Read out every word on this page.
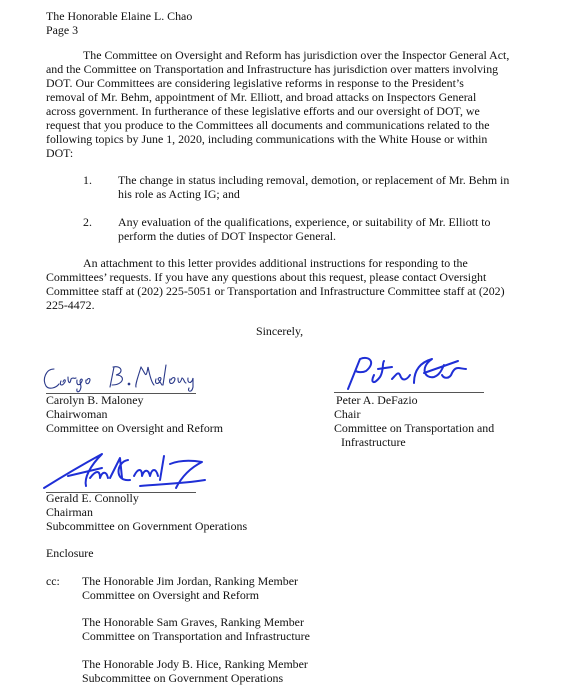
The Honorable Elaine L. Chao
Page 3
The Committee on Oversight and Reform has jurisdiction over the Inspector General Act,
and the Committee on Transportation and Infrastructure has jurisdiction over matters involving
DOT. Our Committees are considering legislative reforms in response to the President’s
removal of Mr. Behm, appointment of Mr. Elliott, and broad attacks on Inspectors General
across government. In furtherance of these legislative efforts and our oversight of DOT, we
request that you produce to the Committees all documents and communications related to the
following topics by June 1, 2020, including communications with the White House or within
DOT:
1. The change in status including removal, demotion, or replacement of Mr. Behm in
his role as Acting IG; and
2. Any evaluation of the qualifications, experience, or suitability of Mr. Elliott to
perform the duties of DOT Inspector General.
An attachment to this letter provides additional instructions for responding to the
Committees’ requests. If you have any questions about this request, please contact Oversight
Committee staff at (202) 225-5051 or Transportation and Infrastructure Committee staff at (202)
225-4472.
Sincerely,
Carolyn B. Maloney
Chairwoman
Committee on Oversight and Reform
Peter A. DeFazio
Chair
Committee on Transportation and
Infrastructure
Gerald E. Connolly
Chairman
Subcommittee on Government Operations
Enclosure
cc: The Honorable Jim Jordan, Ranking Member
Committee on Oversight and Reform
The Honorable Sam Graves, Ranking Member
Committee on Transportation and Infrastructure
The Honorable Jody B. Hice, Ranking Member
Subcommittee on Government Operations
